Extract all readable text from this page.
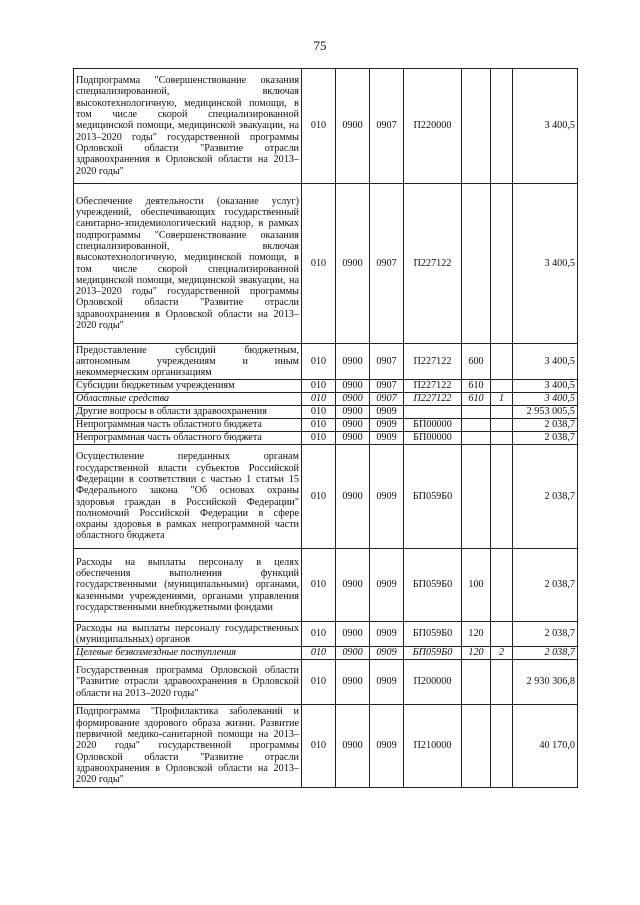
75
Подпрограмма "Совершенствование оказания специализированной, включая высокотехнологичную, медицинской помощи, в том числе скорой специализированной медицинской помощи, медицинской эвакуации, на 2013–2020 годы" государственной программы Орловской области "Развитие отрасли здравоохранения в Орловской области на 2013–2020 годы"	010	0900	0907	П220000			3 400,5
Обеспечение деятельности (оказание услуг) учреждений, обеспечивающих государственный санитарно-эпидемиологический надзор, в рамках подпрограммы "Совершенствование оказания специализированной, включая высокотехнологичную, медицинской помощи, в том числе скорой специализированной медицинской помощи, медицинской эвакуации, на 2013–2020 годы" государственной программы Орловской области "Развитие отрасли здравоохранения в Орловской области на 2013–2020 годы"	010	0900	0907	П227122			3 400,5
Предоставление субсидий бюджетным, автономным учреждениям и иным некоммерческим организациям	010	0900	0907	П227122	600		3 400,5
Субсидии бюджетным учреждениям	010	0900	0907	П227122	610		3 400,5
Областные средства	010	0900	0907	П227122	610	1	3 400,5
Другие вопросы в области здравоохранения	010	0900	0909				2 953 005,5
Непрограммная часть областного бюджета	010	0900	0909	БП00000			2 038,7
Непрограммная часть областного бюджета	010	0900	0909	БП00000			2 038,7
Осуществление переданных органам государственной власти субъектов Российской Федерации в соответствии с частью 1 статьи 15 Федерального закона "Об основах охраны здоровья граждан в Российской Федерации" полномочий Российской Федерации в сфере охраны здоровья в рамках непрограммной части областного бюджета	010	0900	0909	БП059Б0			2 038,7
Расходы на выплаты персоналу в целях обеспечения выполнения функций государственными (муниципальными) органами, казенными учреждениями, органами управления государственными внебюджетными фондами	010	0900	0909	БП059Б0	100		2 038,7
Расходы на выплаты персоналу государственных (муниципальных) органов	010	0900	0909	БП059Б0	120		2 038,7
Целевые безвозмездные поступления	010	0900	0909	БП059Б0	120	2	2 038,7
Государственная программа Орловской области "Развитие отрасли здравоохранения в Орловской области на 2013–2020 годы"	010	0900	0909	П200000			2 930 306,8
Подпрограмма "Профилактика заболеваний и формирование здорового образа жизни. Развитие первичной медико-санитарной помощи на 2013–2020 годы" государственной программы Орловской области "Развитие отрасли здравоохранения в Орловской области на 2013–2020 годы"	010	0900	0909	П210000			40 170,0
